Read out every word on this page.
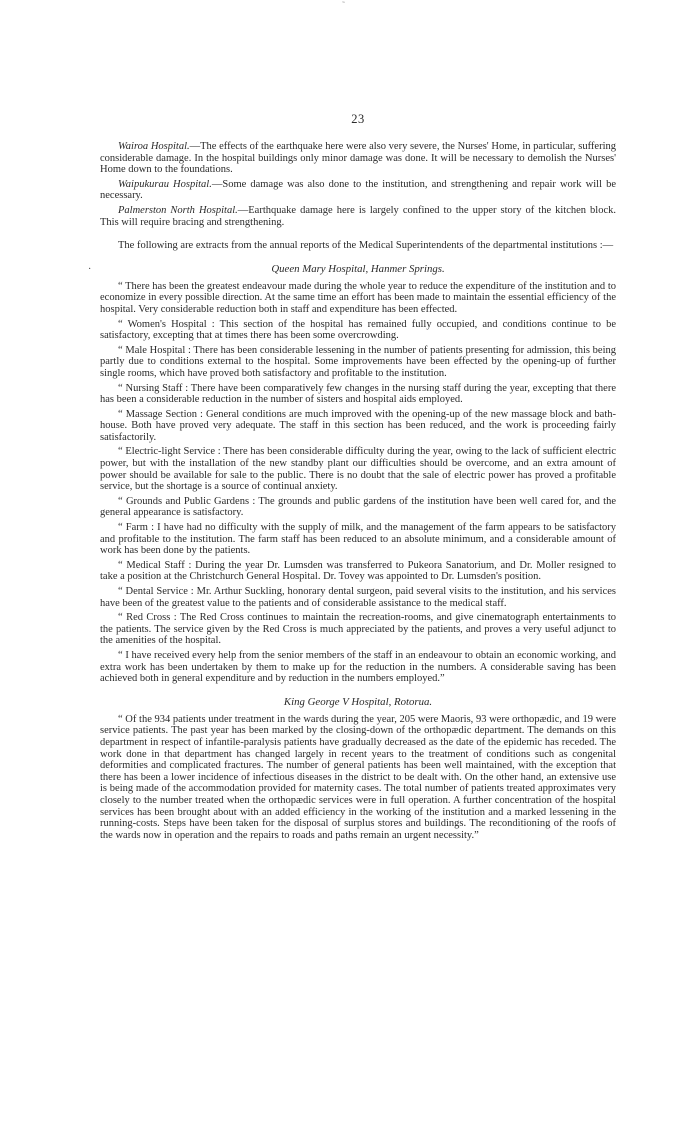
˜
·
23

Wairoa Hospital.—The effects of the earthquake here were also very severe, the Nurses' Home, in particular, suffering considerable damage. In the hospital buildings only minor damage was done. It will be necessary to demolish the Nurses' Home down to the foundations.

Waipukurau Hospital.—Some damage was also done to the institution, and strengthening and repair work will be necessary.

Palmerston North Hospital.—Earthquake damage here is largely confined to the upper story of the kitchen block. This will require bracing and strengthening.

The following are extracts from the annual reports of the Medical Superintendents of the departmental institutions :—

Queen Mary Hospital, Hanmer Springs.

“ There has been the greatest endeavour made during the whole year to reduce the expenditure of the institution and to economize in every possible direction. At the same time an effort has been made to maintain the essential efficiency of the hospital. Very considerable reduction both in staff and expenditure has been effected.

“ Women's Hospital : This section of the hospital has remained fully occupied, and conditions continue to be satisfactory, excepting that at times there has been some overcrowding.

“ Male Hospital : There has been considerable lessening in the number of patients presenting for admission, this being partly due to conditions external to the hospital. Some improvements have been effected by the opening-up of further single rooms, which have proved both satisfactory and profitable to the institution.

“ Nursing Staff : There have been comparatively few changes in the nursing staff during the year, excepting that there has been a considerable reduction in the number of sisters and hospital aids employed.

“ Massage Section : General conditions are much improved with the opening-up of the new massage block and bath-house. Both have proved very adequate. The staff in this section has been reduced, and the work is proceeding fairly satisfactorily.

“ Electric-light Service : There has been considerable difficulty during the year, owing to the lack of sufficient electric power, but with the installation of the new standby plant our difficulties should be overcome, and an extra amount of power should be available for sale to the public. There is no doubt that the sale of electric power has proved a profitable service, but the shortage is a source of continual anxiety.

“ Grounds and Public Gardens : The grounds and public gardens of the institution have been well cared for, and the general appearance is satisfactory.

“ Farm : I have had no difficulty with the supply of milk, and the management of the farm appears to be satisfactory and profitable to the institution. The farm staff has been reduced to an absolute minimum, and a considerable amount of work has been done by the patients.

“ Medical Staff : During the year Dr. Lumsden was transferred to Pukeora Sanatorium, and Dr. Moller resigned to take a position at the Christchurch General Hospital. Dr. Tovey was appointed to Dr. Lumsden's position.

“ Dental Service : Mr. Arthur Suckling, honorary dental surgeon, paid several visits to the institution, and his services have been of the greatest value to the patients and of considerable assistance to the medical staff.

“ Red Cross : The Red Cross continues to maintain the recreation-rooms, and give cinematograph entertainments to the patients. The service given by the Red Cross is much appreciated by the patients, and proves a very useful adjunct to the amenities of the hospital.

“ I have received every help from the senior members of the staff in an endeavour to obtain an economic working, and extra work has been undertaken by them to make up for the reduction in the numbers. A considerable saving has been achieved both in general expenditure and by reduction in the numbers employed.”

King George V Hospital, Rotorua.

“ Of the 934 patients under treatment in the wards during the year, 205 were Maoris, 93 were orthopædic, and 19 were service patients. The past year has been marked by the closing-down of the orthopædic department. The demands on this department in respect of infantile-paralysis patients have gradually decreased as the date of the epidemic has receded. The work done in that department has changed largely in recent years to the treatment of conditions such as congenital deformities and complicated fractures. The number of general patients has been well maintained, with the exception that there has been a lower incidence of infectious diseases in the district to be dealt with. On the other hand, an extensive use is being made of the accommodation provided for maternity cases. The total number of patients treated approximates very closely to the number treated when the orthopædic services were in full operation. A further concentration of the hospital services has been brought about with an added efficiency in the working of the institution and a marked lessening in the running-costs. Steps have been taken for the disposal of surplus stores and buildings. The reconditioning of the roofs of the wards now in operation and the repairs to roads and paths remain an urgent necessity.”
